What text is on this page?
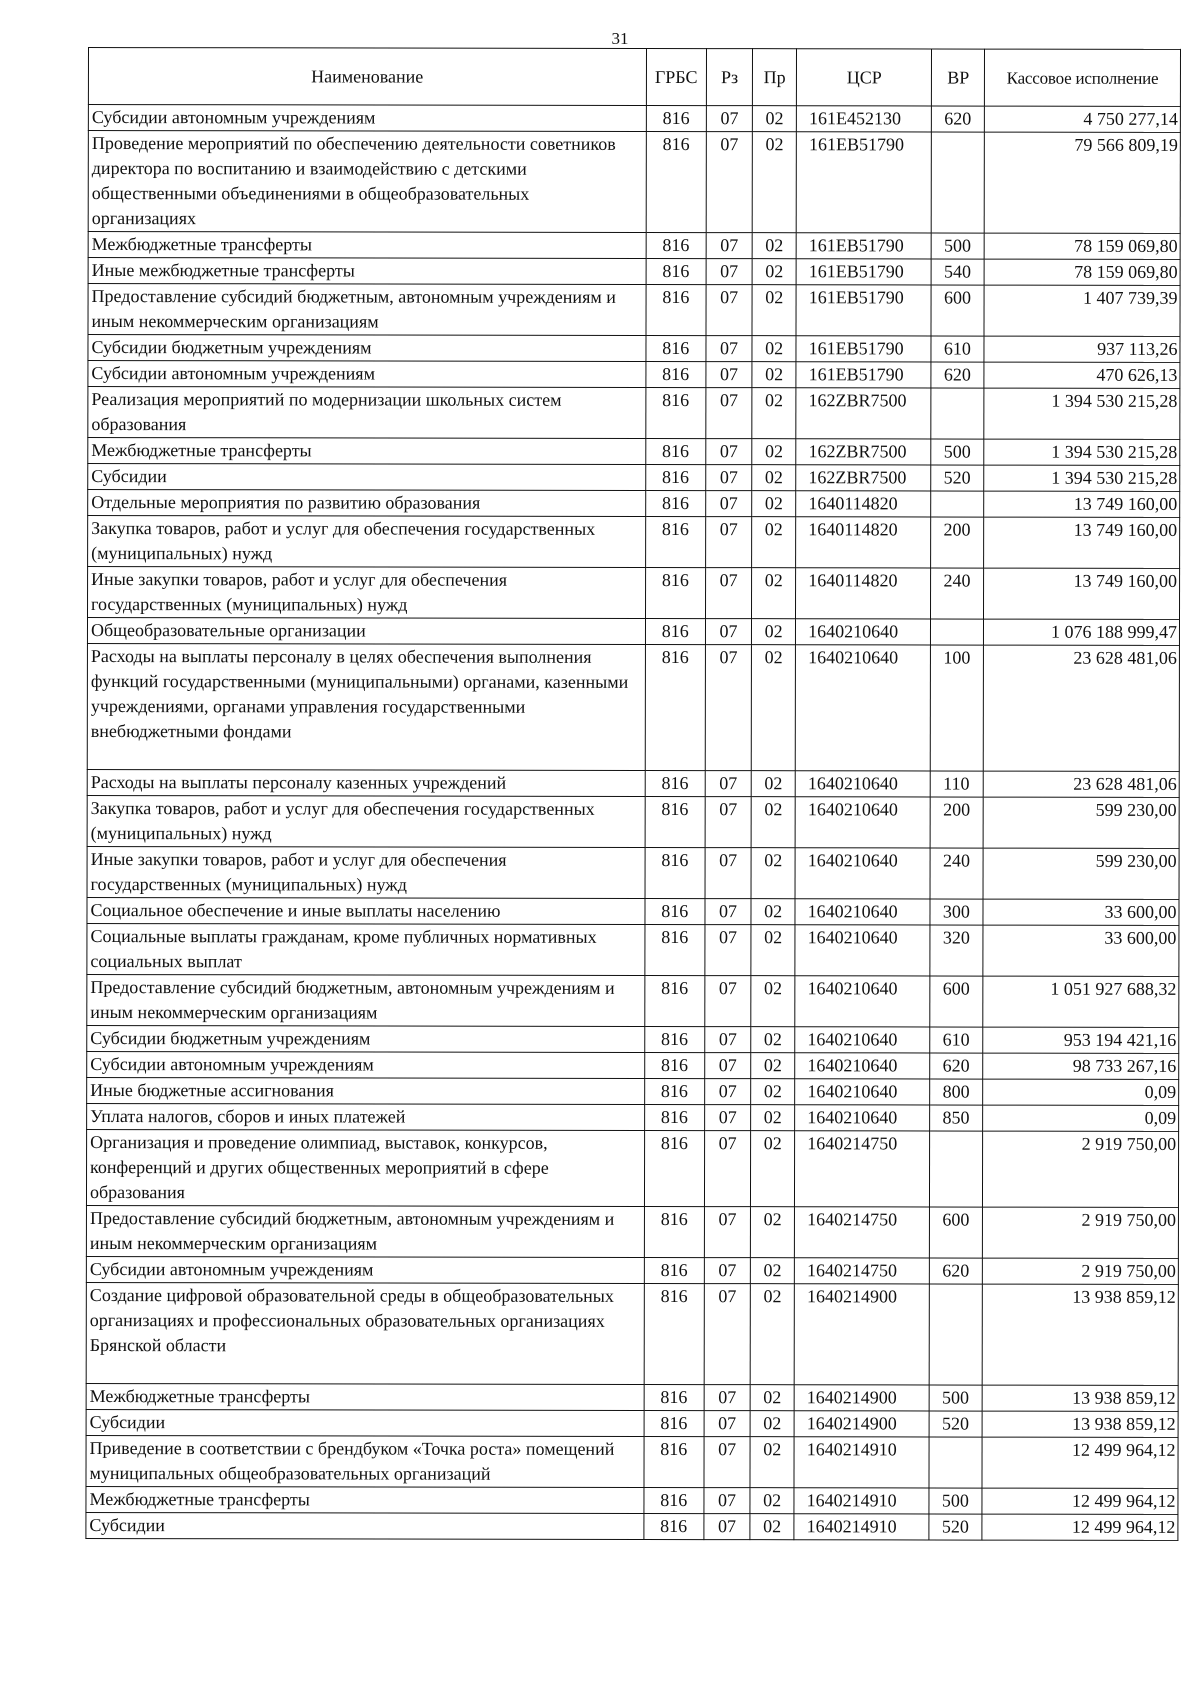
31
Наименование	ГРБС	Рз	Пр	ЦСР	ВР	Кассовое исполнение
Субсидии автономным учреждениям	816	07	02	161E452130	620	4 750 277,14
Проведение мероприятий по обеспечению деятельности советников директора по воспитанию и взаимодействию с детскими общественными объединениями в общеобразовательных организациях	816	07	02	161EB51790		79 566 809,19
Межбюджетные трансферты	816	07	02	161EB51790	500	78 159 069,80
Иные межбюджетные трансферты	816	07	02	161EB51790	540	78 159 069,80
Предоставление субсидий бюджетным, автономным учреждениям и иным некоммерческим организациям	816	07	02	161EB51790	600	1 407 739,39
Субсидии бюджетным учреждениям	816	07	02	161EB51790	610	937 113,26
Субсидии автономным учреждениям	816	07	02	161EB51790	620	470 626,13
Реализация мероприятий по модернизации школьных систем образования	816	07	02	162ZBR7500		1 394 530 215,28
Межбюджетные трансферты	816	07	02	162ZBR7500	500	1 394 530 215,28
Субсидии	816	07	02	162ZBR7500	520	1 394 530 215,28
Отдельные мероприятия по развитию образования	816	07	02	1640114820		13 749 160,00
Закупка товаров, работ и услуг для обеспечения государственных (муниципальных) нужд	816	07	02	1640114820	200	13 749 160,00
Иные закупки товаров, работ и услуг для обеспечения государственных (муниципальных) нужд	816	07	02	1640114820	240	13 749 160,00
Общеобразовательные организации	816	07	02	1640210640		1 076 188 999,47
Расходы на выплаты персоналу в целях обеспечения выполнения функций государственными (муниципальными) органами, казенными учреждениями, органами управления государственными внебюджетными фондами	816	07	02	1640210640	100	23 628 481,06
Расходы на выплаты персоналу казенных учреждений	816	07	02	1640210640	110	23 628 481,06
Закупка товаров, работ и услуг для обеспечения государственных (муниципальных) нужд	816	07	02	1640210640	200	599 230,00
Иные закупки товаров, работ и услуг для обеспечения государственных (муниципальных) нужд	816	07	02	1640210640	240	599 230,00
Социальное обеспечение и иные выплаты населению	816	07	02	1640210640	300	33 600,00
Социальные выплаты гражданам, кроме публичных нормативных социальных выплат	816	07	02	1640210640	320	33 600,00
Предоставление субсидий бюджетным, автономным учреждениям и иным некоммерческим организациям	816	07	02	1640210640	600	1 051 927 688,32
Субсидии бюджетным учреждениям	816	07	02	1640210640	610	953 194 421,16
Субсидии автономным учреждениям	816	07	02	1640210640	620	98 733 267,16
Иные бюджетные ассигнования	816	07	02	1640210640	800	0,09
Уплата налогов, сборов и иных платежей	816	07	02	1640210640	850	0,09
Организация и проведение олимпиад, выставок, конкурсов, конференций и других общественных мероприятий в сфере образования	816	07	02	1640214750		2 919 750,00
Предоставление субсидий бюджетным, автономным учреждениям и иным некоммерческим организациям	816	07	02	1640214750	600	2 919 750,00
Субсидии автономным учреждениям	816	07	02	1640214750	620	2 919 750,00
Создание цифровой образовательной среды в общеобразовательных организациях и профессиональных образовательных организациях Брянской области	816	07	02	1640214900		13 938 859,12
Межбюджетные трансферты	816	07	02	1640214900	500	13 938 859,12
Субсидии	816	07	02	1640214900	520	13 938 859,12
Приведение в соответствии с брендбуком «Точка роста» помещений муниципальных общеобразовательных организаций	816	07	02	1640214910		12 499 964,12
Межбюджетные трансферты	816	07	02	1640214910	500	12 499 964,12
Субсидии	816	07	02	1640214910	520	12 499 964,12
